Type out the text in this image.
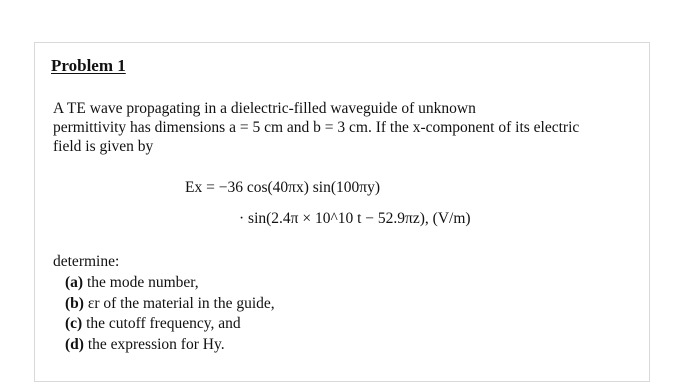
Problem 1
A TE wave propagating in a dielectric-filled waveguide of unknown
permittivity has dimensions a = 5 cm and b = 3 cm. If the x-component of its electric
field is given by
Ex = −36 cos(40πx) sin(100πy)
· sin(2.4π × 10^10 t − 52.9πz), (V/m)
determine:
(a) the mode number,
(b) εr of the material in the guide,
(c) the cutoff frequency, and
(d) the expression for Hy.
